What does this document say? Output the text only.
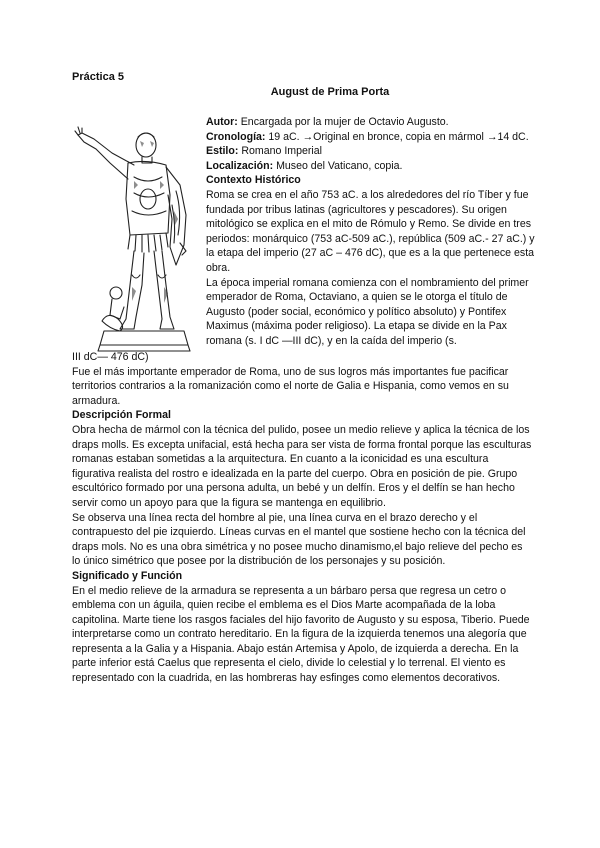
Práctica 5
August de Prima Porta

Autor: Encargada por la mujer de Octavio Augusto.

Cronología: 19 aC. →Original en bronce, copia en mármol →14 dC.

Estilo: Romano Imperial

Localización: Museo del Vaticano, copia.

Contexto Histórico

Roma se crea en el año 753 aC. a los alrededores del río Tíber y fue fundada por tribus latinas (agricultores y pescadores). Su origen mitológico se explica en el mito de Rómulo y Remo. Se divide en tres periodos: monárquico (753 aC-509 aC.), república (509 aC.- 27 aC.) y la etapa del imperio (27 aC – 476 dC), que es a la que pertenece esta obra.

La época imperial romana comienza con el nombramiento del primer emperador de Roma, Octaviano, a quien se le otorga el título de Augusto (poder social, económico y político absoluto) y Pontifex Maximus (máxima poder religioso). La etapa se divide en la Pax romana (s. I dC —III dC), y en la caída del imperio (s.

III dC— 476 dC)

Fue el más importante emperador de Roma, uno de sus logros más importantes fue pacificar territorios contrarios a la romanización como el norte de Galia e Hispania, como vemos en su armadura.

Descripción Formal

Obra hecha de mármol con la técnica del pulido, posee un medio relieve y aplica la técnica de los draps molls. Es excepta unifacial, está hecha para ser vista de forma frontal porque las esculturas romanas estaban sometidas a la arquitectura. En cuanto a la iconicidad es una escultura figurativa realista del rostro e idealizada en la parte del cuerpo. Obra en posición de pie. Grupo escultórico formado por una persona adulta, un bebé y un delfín. Eros y el delfín se han hecho servir como un apoyo para que la figura se mantenga en equilibrio.

Se observa una línea recta del hombre al pie, una línea curva en el brazo derecho y el contrapuesto del pie izquierdo. Líneas curvas en el mantel que sostiene hecho con la técnica del draps mols. No es una obra simétrica y no posee mucho dinamismo,el bajo relieve del pecho es lo único simétrico que posee por la distribución de los personajes y su posición.

Significado y Función

En el medio relieve de la armadura se representa a un bárbaro persa que regresa un cetro o emblema con un águila, quien recibe el emblema es el Dios Marte acompañada de la loba capitolina. Marte tiene los rasgos faciales del hijo favorito de Augusto y su esposa, Tiberio. Puede interpretarse como un contrato hereditario. En la figura de la izquierda tenemos una alegoría que representa a la Galia y a Hispania. Abajo están Artemisa y Apolo, de izquierda a derecha. En la parte inferior está Caelus que representa el cielo, divide lo celestial y lo terrenal. El viento es representado con la cuadrida, en las hombreras hay esfinges como elementos decorativos.
